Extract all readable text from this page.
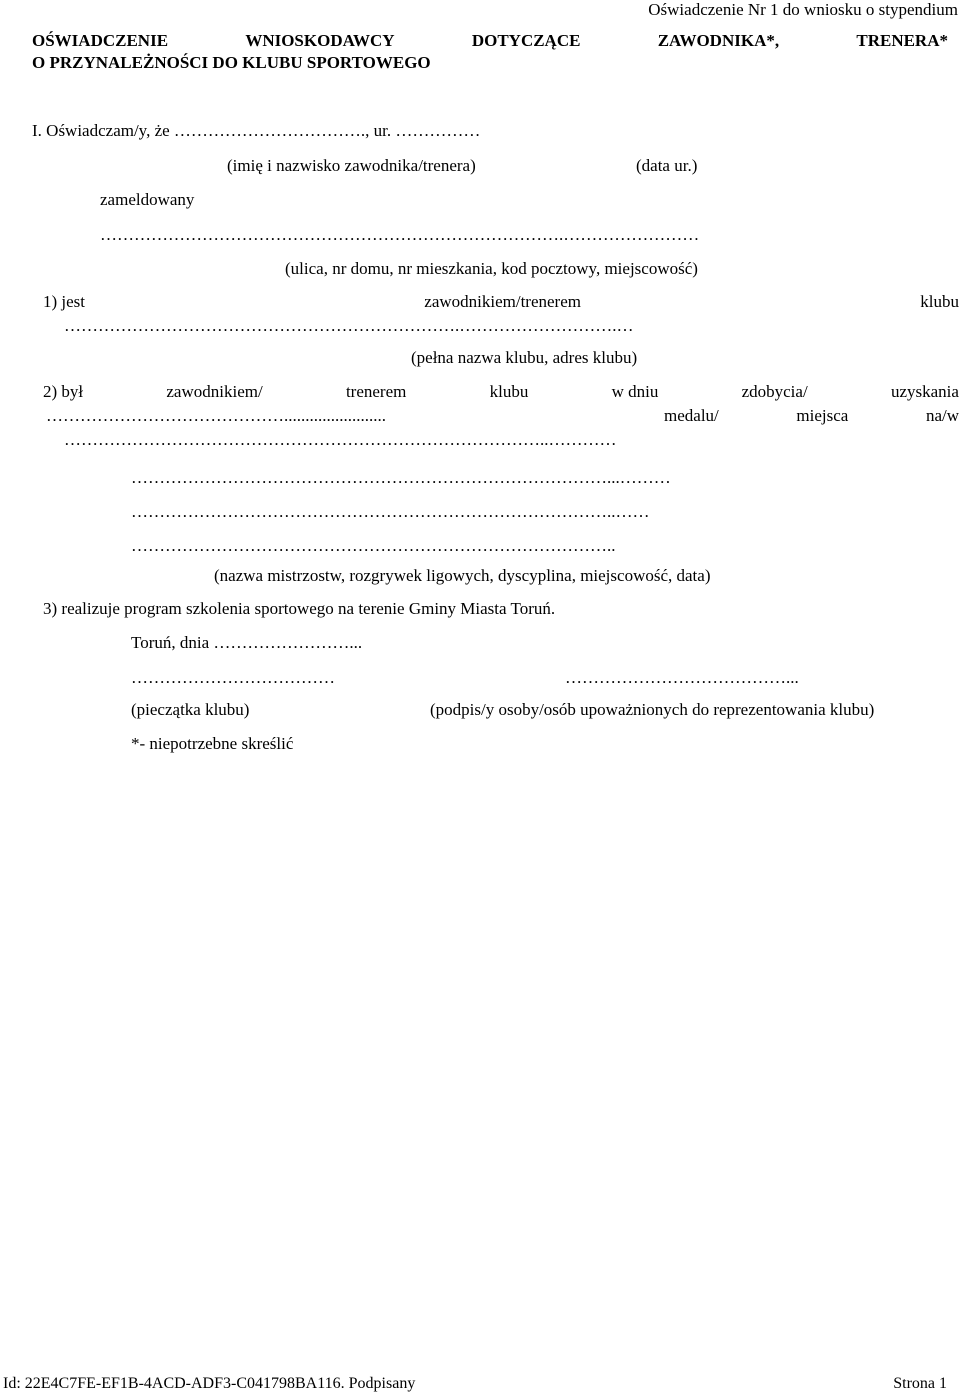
Oświadczenie Nr 1 do wniosku o stypendium
OŚWIADCZENIE	WNIOSKODAWCY	DOTYCZĄCE	ZAWODNIKA*,	TRENERA*
O PRZYNALEŻNOŚCI DO KLUBU SPORTOWEGO
I. Oświadczam/y, że ……………………………., ur. ……………
(imię i nazwisko zawodnika/trenera)	(data ur.)
zameldowany
……………………………………………………………………….……………………
(ulica, nr domu, nr mieszkania, kod pocztowy, miejscowość)
1) jest	zawodnikiem/trenerem	klubu
…………………………………………………………….……………………….…
(pełna nazwa klubu, adres klubu)
2) był	zawodnikiem/	trenerem	klubu	w dniu	zdobycia/	uzyskania
……………………………………........................	medalu/	miejsca	na/w
…………………………………………………………………………..…………
…………………………………………………………………………...………
…………………………………………………………………………..……
…………………………………………………………………………..
(nazwa mistrzostw, rozgrywek ligowych, dyscyplina, miejscowość, data)
3) realizuje program szkolenia sportowego na terenie Gminy Miasta Toruń.
Toruń, dnia ……………………...
………………………………	…………………………………...
(pieczątka klubu)	(podpis/y osoby/osób upoważnionych do reprezentowania klubu)
*- niepotrzebne skreślić
Id: 22E4C7FE-EF1B-4ACD-ADF3-C041798BA116. Podpisany	Strona 1
